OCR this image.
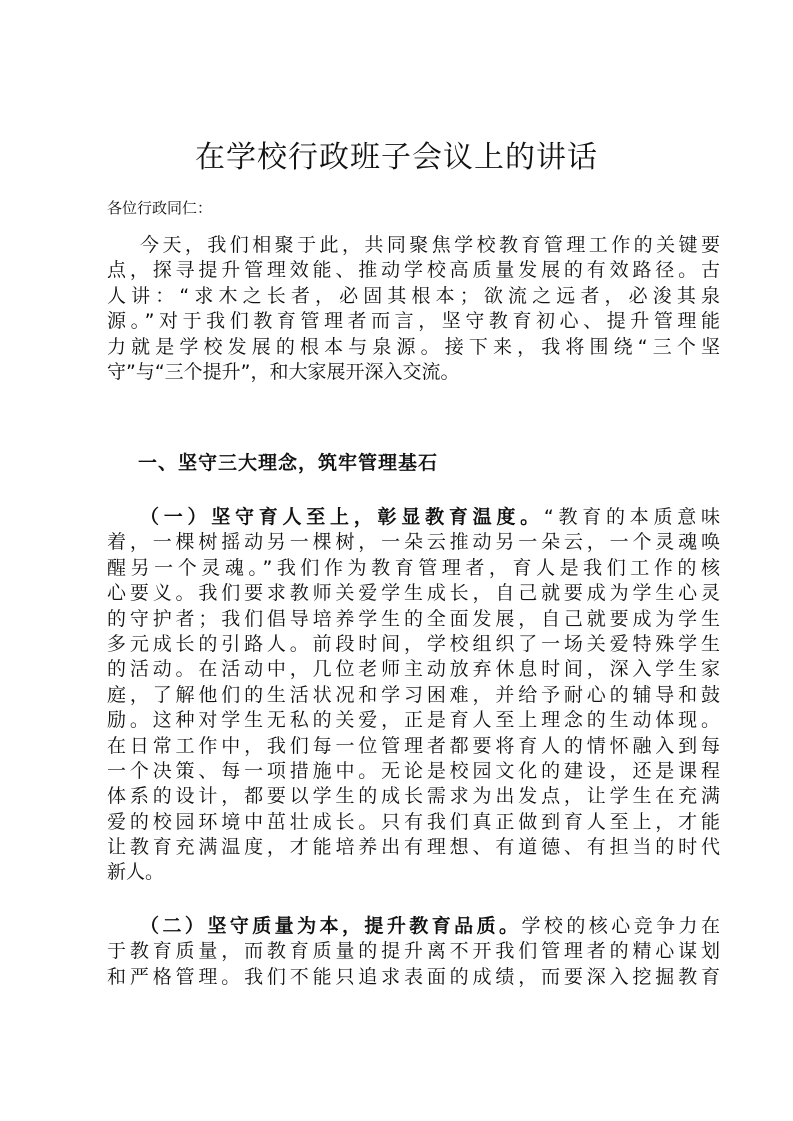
在学校行政班子会议上的讲话
各位行政同仁：
今天，我们相聚于此，共同聚焦学校教育管理工作的关键要
点，探寻提升管理效能、推动学校高质量发展的有效路径。古
人讲：“求木之长者，必固其根本；欲流之远者，必浚其泉
源。”对于我们教育管理者而言，坚守教育初心、提升管理能
力就是学校发展的根本与泉源。接下来，我将围绕“三个坚
守”与“三个提升”，和大家展开深入交流。
一、坚守三大理念，筑牢管理基石
（一）坚守育人至上，彰显教育温度。“教育的本质意味
着，一棵树摇动另一棵树，一朵云推动另一朵云，一个灵魂唤
醒另一个灵魂。”我们作为教育管理者，育人是我们工作的核
心要义。我们要求教师关爱学生成长，自己就要成为学生心灵
的守护者；我们倡导培养学生的全面发展，自己就要成为学生
多元成长的引路人。前段时间，学校组织了一场关爱特殊学生
的活动。在活动中，几位老师主动放弃休息时间，深入学生家
庭，了解他们的生活状况和学习困难，并给予耐心的辅导和鼓
励。这种对学生无私的关爱，正是育人至上理念的生动体现。
在日常工作中，我们每一位管理者都要将育人的情怀融入到每
一个决策、每一项措施中。无论是校园文化的建设，还是课程
体系的设计，都要以学生的成长需求为出发点，让学生在充满
爱的校园环境中茁壮成长。只有我们真正做到育人至上，才能
让教育充满温度，才能培养出有理想、有道德、有担当的时代
新人。
（二）坚守质量为本，提升教育品质。学校的核心竞争力在
于教育质量，而教育质量的提升离不开我们管理者的精心谋划
和严格管理。我们不能只追求表面的成绩，而要深入挖掘教育
